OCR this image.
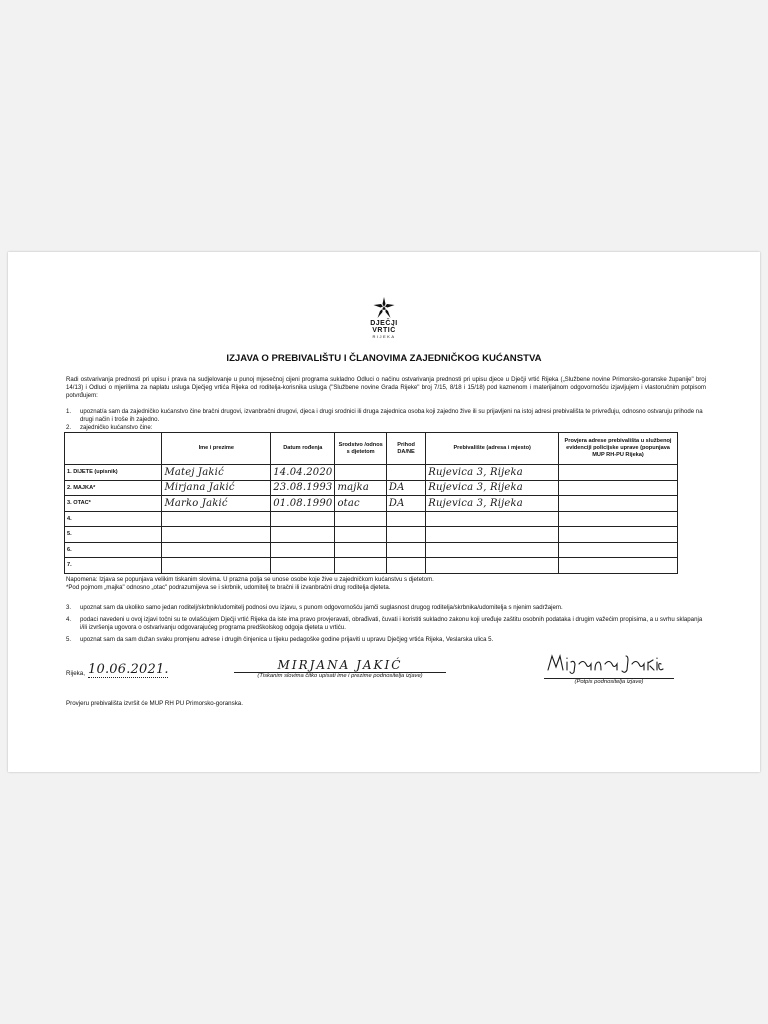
DJEČJI VRTIĆ
RIJEKA
IZJAVA O PREBIVALIŠTU I ČLANOVIMA ZAJEDNIČKOG KUĆANSTVA
Radi ostvarivanja prednosti pri upisu i prava na sudjelovanje u punoj mjesečnoj cijeni programa sukladno Odluci o načinu ostvarivanja prednosti pri upisu djece u Dječji vrtić Rijeka („Službene novine Primorsko-goranske županije" broj 14/13) i Odluci o mjerilima za naplatu usluga Dječjeg vrtića Rijeka od roditelja-korisnika usluga ("Službene novine Grada Rijeke" broj 7/15, 8/18 i 15/18) pod kaznenom i materijalnom odgovornošću izjavljujem i vlastoručnim potpisom potvrđujem:
1.	upoznat/a sam da zajedničko kućanstvo čine bračni drugovi, izvanbračni drugovi, djeca i drugi srodnici ili druga zajednica osoba koji zajedno žive ili su prijavljeni na istoj adresi prebivališta te privređuju, odnosno ostvaruju prihode na drugi način i troše ih zajedno.
2.	zajedničko kućanstvo čine:
	Ime i prezime	Datum rođenja	Srodstvo /odnos s djetetom	Prihod DA/NE	Prebivalište (adresa i mjesto)	Provjera adrese prebivališta u službenoj evidenciji policijske uprave (popunjava MUP RH-PU Rijeka)
1. DIJETE (upisnik)	Matej Jakić	14.04.2020			Rujevica 3, Rijeka	
2. MAJKA*	Mirjana Jakić	23.08.1993	majka	DA	Rujevica 3, Rijeka	
3. OTAC*	Marko Jakić	01.08.1990	otac	DA	Rujevica 3, Rijeka	
4.						
5.						
6.						
7.						
Napomena: Izjava se popunjava velikim tiskanim slovima. U prazna polja se unose osobe koje žive u zajedničkom kućanstvu s djetetom.
*Pod pojmom „majka" odnosno „otac" podrazumijeva se i skrbnik, udomitelj te bračni ili izvanbračni drug roditelja djeteta.
3.	upoznat sam da ukoliko samo jedan roditelj/skrbnik/udomitelj podnosi ovu izjavu, s punom odgovornošću jamči suglasnost drugog roditelja/skrbnika/udomitelja s njenim sadržajem.
4.	podaci navedeni u ovoj izjavi točni su te ovlašćujem Dječji vrtić Rijeka da iste ima pravo provjeravati, obrađivati, čuvati i koristiti sukladno zakonu koji uređuje zaštitu osobnih podataka i drugim važećim propisima, a u svrhu sklapanja i/ili izvršenja ugovora o ostvarivanju odgovarajućeg programa predškolskog odgoja djeteta u vrtiću.
5.	upoznat sam da sam dužan svaku promjenu adrese i drugih činjenica u tijeku pedagoške godine prijaviti u upravu Dječjeg vrtića Rijeka, Veslarska ulica 5.
Rijeka, 10.06.2021.	MIRJANA JAKIĆ
(Tiskanim slovima čitko upisati ime i prezime podnositelja izjave)
(Potpis podnositelja izjave)
Provjeru prebivališta izvršit će MUP RH PU Primorsko-goranska.
